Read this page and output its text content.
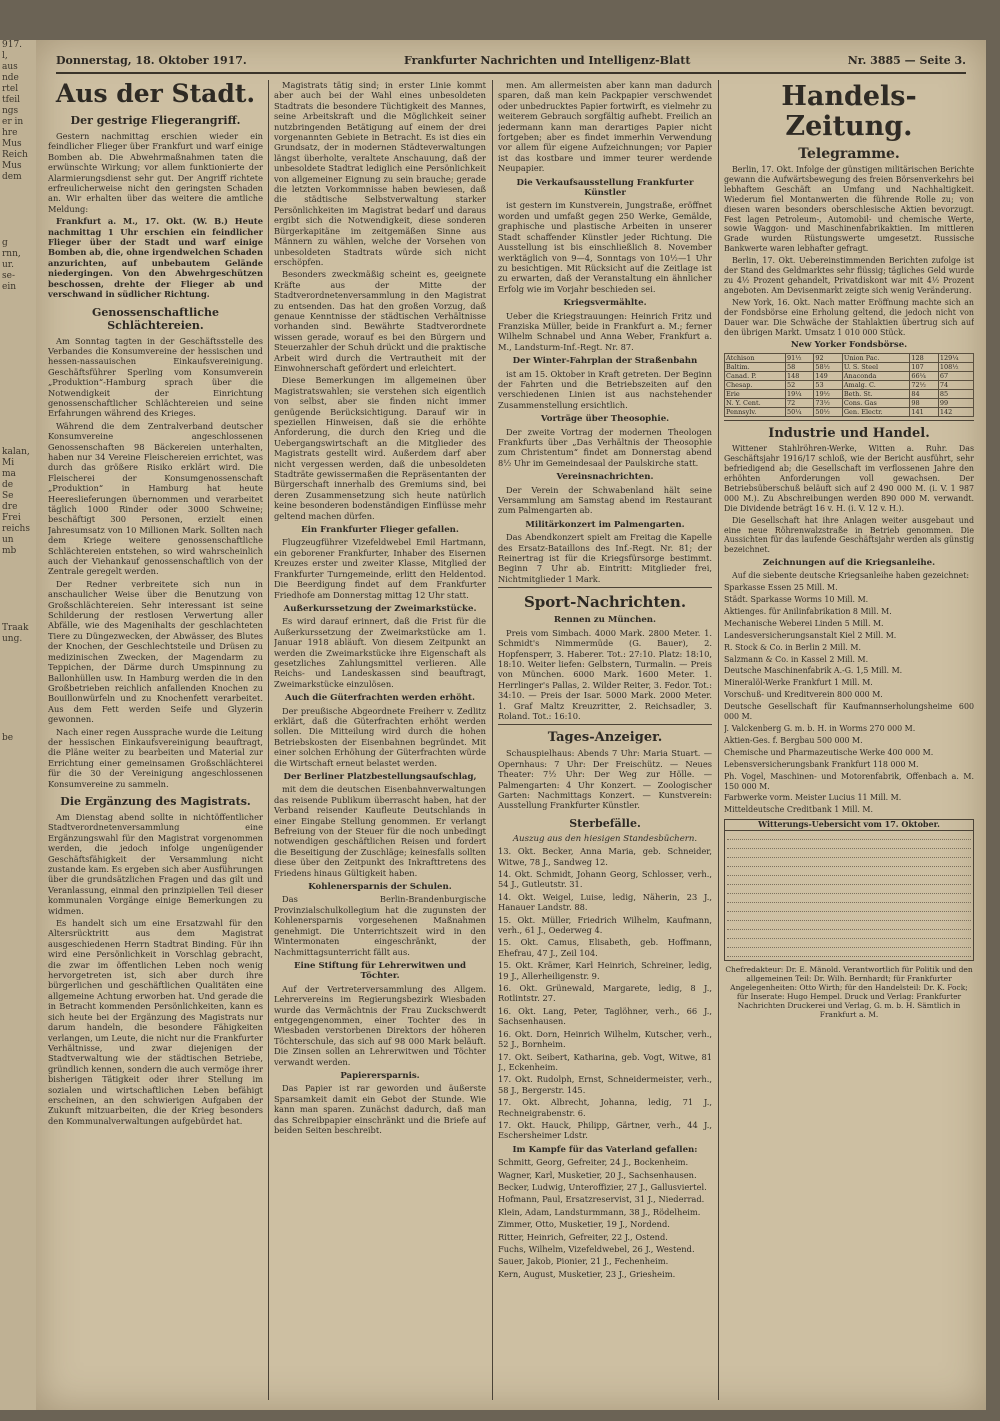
917.
l,
aus
nde
rtel
tfeil
ngs
er in
hre
Mus
Reich
Mus
dem

g
rnn,
ur.
se-
ein

kalan,
Mi
ma
de
Se
dre
Frei
reichs
un
mb

Traak
ung.

be
Donnerstag, 18. Oktober 1917.	Frankfurter Nachrichten und Intelligenz-Blatt	Nr. 3885 — Seite 3.
Aus der Stadt.
Der gestrige Fliegerangriff.

Gestern nachmittag erschien wieder ein feindlicher Flieger über Frankfurt und warf einige Bomben ab. Die Abwehrmaßnahmen taten die erwünschte Wirkung; vor allem funktionierte der Alarmierungsdienst sehr gut. Der Angriff richtete erfreulicherweise nicht den geringsten Schaden an. Wir erhalten über das weitere die amtliche Meldung:

Frankfurt a. M., 17. Okt. (W. B.) Heute nachmittag 1 Uhr erschien ein feindlicher Flieger über der Stadt und warf einige Bomben ab, die, ohne irgendwelchen Schaden anzurichten, auf unbebautem Gelände niedergingen. Von den Abwehrgeschützen beschossen, drehte der Flieger ab und verschwand in südlicher Richtung.

Genossenschaftliche Schlächtereien.

Am Sonntag tagten in der Geschäftsstelle des Verbandes die Konsumvereine der hessischen und hessen-nassauischen Einkaufsvereinigung. Geschäftsführer Sperling vom Konsumverein „Produktion“-Hamburg sprach über die Notwendigkeit der Einrichtung genossenschaftlicher Schlächtereien und seine Erfahrungen während des Krieges.

Während die dem Zentralverband deutscher Konsumvereine angeschlossenen Genossenschaften 98 Bäckereien unterhalten, haben nur 34 Vereine Fleischereien errichtet, was durch das größere Risiko erklärt wird. Die Fleischerei der Konsumgenossenschaft „Produktion“ in Hamburg hat heute Heereslieferungen übernommen und verarbeitet täglich 1000 Rinder oder 3000 Schweine; beschäftigt 300 Personen, erzielt einen Jahresumsatz von 10 Millionen Mark. Sollten nach dem Kriege weitere genossenschaftliche Schlächtereien entstehen, so wird wahrscheinlich auch der Viehankauf genossenschaftlich von der Zentrale geregelt werden.

Der Redner verbreitete sich nun in anschaulicher Weise über die Benutzung von Großschlächtereien. Sehr interessant ist seine Schilderung der restlosen Verwertung aller Abfälle, wie des Magenihalts der geschlachteten Tiere zu Düngezwecken, der Abwässer, des Blutes der Knochen, der Geschlechtsteile und Drüsen zu medizinischen Zwecken, der Magendarm zu Teppichen, der Därme durch Umspinnung zu Ballonhüllen usw. In Hamburg werden die in den Großbetrieben reichlich anfallenden Knochen zu Bouillonwürfeln und zu Knochenfett verarbeitet. Aus dem Fett werden Seife und Glyzerin gewonnen.

Nach einer regen Aussprache wurde die Leitung der hessischen Einkaufsvereinigung beauftragt, die Pläne weiter zu bearbeiten und Material zur Errichtung einer gemeinsamen Großschlächterei für die 30 der Vereinigung angeschlossenen Konsumvereine zu sammeln.

Die Ergänzung des Magistrats.

Am Dienstag abend sollte in nichtöffentlicher Stadtverordnetenversammlung eine Ergänzungswahl für den Magistrat vorgenommen werden, die jedoch infolge ungenügender Geschäftsfähigkeit der Versammlung nicht zustande kam. Es ergeben sich aber Ausführungen über die grundsätzlichen Fragen und das gilt und Veranlassung, einmal den prinzipiellen Teil dieser kommunalen Vorgänge einige Bemerkungen zu widmen.

Es handelt sich um eine Ersatzwahl für den Altersrücktritt aus dem Magistrat ausgeschiedenen Herrn Stadtrat Binding. Für ihn wird eine Persönlichkeit in Vorschlag gebracht, die zwar im öffentlichen Leben noch wenig hervorgetreten ist, sich aber durch ihre bürgerlichen und geschäftlichen Qualitäten eine allgemeine Achtung erworben hat. Und gerade die in Betracht kommenden Persönlichkeiten, kann es sich heute bei der Ergänzung des Magistrats nur darum handeln, die besondere Fähigkeiten verlangen, um Leute, die nicht nur die Frankfurter Verhältnisse, und zwar diejenigen der Stadtverwaltung wie der städtischen Betriebe, gründlich kennen, sondern die auch vermöge ihrer bisherigen Tätigkeit oder ihrer Stellung im sozialen und wirtschaftlichen Leben befähigt erscheinen, an den schwierigen Aufgaben der Zukunft mitzuarbeiten, die der Krieg besonders den Kommunalverwaltungen aufgebürdet hat.

Magistrats tätig sind; in erster Linie kommt aber auch bei der Wahl eines unbesoldeten Stadtrats die besondere Tüchtigkeit des Mannes, seine Arbeitskraft und die Möglichkeit seiner nutzbringenden Betätigung auf einem der drei vorgenannten Gebiete in Betracht. Es ist dies ein Grundsatz, der in modernen Städteverwaltungen längst überholte, veraltete Anschauung, daß der unbesoldete Stadtrat lediglich eine Persönlichkeit von allgemeiner Eignung zu sein brauche; gerade die letzten Vorkommnisse haben bewiesen, daß die städtische Selbstverwaltung starker Persönlichkeiten im Magistrat bedarf und daraus ergibt sich die Notwendigkeit, diese sonderen Bürgerkapitäne im zeitgemäßen Sinne aus Männern zu wählen, welche der Vorsehen von unbesoldeten Stadtrats würde sich nicht erschöpfen.

Besonders zweckmäßig scheint es, geeignete Kräfte aus der Mitte der Stadtverordnetenversammlung in den Magistrat zu entsenden. Das hat den großen Vorzug, daß genaue Kenntnisse der städtischen Verhältnisse vorhanden sind. Bewährte Stadtverordnete wissen gerade, worauf es bei den Bürgern und Steuerzahler der Schuh drückt und die praktische Arbeit wird durch die Vertrautheit mit der Einwohnerschaft gefördert und erleichtert.

Diese Bemerkungen im allgemeinen über Magistratswahlen; sie verstehen sich eigentlich von selbst, aber sie finden nicht immer genügende Berücksichtigung. Darauf wir in speziellen Hinweisen, daß sie die erhöhte Anforderung, die durch den Krieg und die Uebergangswirtschaft an die Mitglieder des Magistrats gestellt wird. Außerdem darf aber nicht vergessen werden, daß die unbesoldeten Stadträte gewissermaßen die Repräsentanten der Bürgerschaft innerhalb des Gremiums sind, bei deren Zusammensetzung sich heute natürlich keine besonderen bodenständigen Einflüsse mehr geltend machen dürfen.

Ein Frankfurter Flieger gefallen.

Flugzeugführer Vizefeldwebel Emil Hartmann, ein geborener Frankfurter, Inhaber des Eisernen Kreuzes erster und zweiter Klasse, Mitglied der Frankfurter Turngemeinde, erlitt den Heldentod. Die Beerdigung findet auf dem Frankfurter Friedhofe am Donnerstag mittag 12 Uhr statt.

Außerkurssetzung der Zweimarkstücke.

Es wird darauf erinnert, daß die Frist für die Außerkurssetzung der Zweimarkstücke am 1. Januar 1918 abläuft. Von diesem Zeitpunkt an werden die Zweimarkstücke ihre Eigenschaft als gesetzliches Zahlungsmittel verlieren. Alle Reichs- und Landeskassen sind beauftragt, Zweimarkstücke einzulösen.

Auch die Güterfrachten werden erhöht.

Der preußische Abgeordnete Freiherr v. Zedlitz erklärt, daß die Güterfrachten erhöht werden sollen. Die Mitteilung wird durch die hohen Betriebskosten der Eisenbahnen begründet. Mit einer solchen Erhöhung der Güterfrachten würde die Wirtschaft erneut belastet werden.

Der Berliner Platzbestellungsaufschlag,

mit dem die deutschen Eisenbahnverwaltungen das reisende Publikum überrascht haben, hat der Verband reisender Kaufleute Deutschlands in einer Eingabe Stellung genommen. Er verlangt Befreiung von der Steuer für die noch unbedingt notwendigen geschäftlichen Reisen und fordert die Beseitigung der Zuschläge; keinesfalls sollten diese über den Zeitpunkt des Inkrafttretens des Friedens hinaus Gültigkeit haben.

Kohlenersparnis der Schulen.

Das Berlin-Brandenburgische Provinzialschulkollegium hat die zugunsten der Kohlenersparnis vorgesehenen Maßnahmen genehmigt. Die Unterrichtszeit wird in den Wintermonaten eingeschränkt, der Nachmittagsunterricht fällt aus.

Eine Stiftung für Lehrerwitwen und Töchter.

Auf der Vertreterversammlung des Allgem. Lehrervereins im Regierungsbezirk Wiesbaden wurde das Vermächtnis der Frau Zuckschwerdt entgegengenommen, einer Tochter des in Wiesbaden verstorbenen Direktors der höheren Töchterschule, das sich auf 98 000 Mark beläuft. Die Zinsen sollen an Lehrerwitwen und Töchter verwandt werden.

Papierersparnis.

Das Papier ist rar geworden und äußerste Sparsamkeit damit ein Gebot der Stunde. Wie kann man sparen. Zunächst dadurch, daß man das Schreibpapier einschränkt und die Briefe auf beiden Seiten beschreibt.

men. Am allermeisten aber kann man dadurch sparen, daß man kein Packpapier verschwendet oder unbedrucktes Papier fortwirft, es vielmehr zu weiterem Gebrauch sorgfältig aufhebt. Freilich an jedermann kann man derartiges Papier nicht fortgeben; aber es findet immerhin Verwendung vor allem für eigene Aufzeichnungen; vor Papier ist das kostbare und immer teurer werdende Neupapier.

Die Verkaufsausstellung Frankfurter Künstler

ist gestern im Kunstverein, Jungstraße, eröffnet worden und umfaßt gegen 250 Werke, Gemälde, graphische und plastische Arbeiten in unserer Stadt schaffender Künstler jeder Richtung. Die Ausstellung ist bis einschließlich 8. November werktäglich von 9—4, Sonntags von 10½—1 Uhr zu besichtigen. Mit Rücksicht auf die Zeitlage ist zu erwarten, daß der Veranstaltung ein ähnlicher Erfolg wie im Vorjahr beschieden sei.

Kriegsvermählte.

Ueber die Kriegstrauungen: Heinrich Fritz und Franziska Müller, beide in Frankfurt a. M.; ferner Wilhelm Schnabel und Anna Weber, Frankfurt a. M., Landsturm-Inf.-Regt. Nr. 87.

Der Winter-Fahrplan der Straßenbahn

ist am 15. Oktober in Kraft getreten. Der Beginn der Fahrten und die Betriebszeiten auf den verschiedenen Linien ist aus nachstehender Zusammenstellung ersichtlich.

Vorträge über Theosophie.

Der zweite Vortrag der modernen Theologen Frankfurts über „Das Verhältnis der Theosophie zum Christentum“ findet am Donnerstag abend 8½ Uhr im Gemeindesaal der Paulskirche statt.

Vereinsnachrichten.

Der Verein der Schwabenland hält seine Versammlung am Samstag abend im Restaurant zum Palmengarten ab.

Militärkonzert im Palmengarten.

Das Abendkonzert spielt am Freitag die Kapelle des Ersatz-Bataillons des Inf.-Regt. Nr. 81; der Reinertrag ist für die Kriegsfürsorge bestimmt. Beginn 7 Uhr ab. Eintritt: Mitglieder frei, Nichtmitglieder 1 Mark.

Sport-Nachrichten.
Rennen zu München.

Preis vom Simbach. 4000 Mark. 2800 Meter. 1. Schmidt's Nimmermüde (G. Bauer), 2. Hopfensperr, 3. Haberer. Tot.: 27:10. Platz: 18:10, 18:10. Weiter liefen: Gelbstern, Turmalin. — Preis von München. 6000 Mark. 1600 Meter. 1. Herrlinger's Pallas, 2. Wilder Reiter, 3. Fedor. Tot.: 34:10. — Preis der Isar. 5000 Mark. 2000 Meter. 1. Graf Maltz Kreuzritter, 2. Reichsadler, 3. Roland. Tot.: 16:10.

Tages-Anzeiger.

Schauspielhaus: Abends 7 Uhr: Maria Stuart. — Opernhaus: 7 Uhr: Der Freischütz. — Neues Theater: 7½ Uhr: Der Weg zur Hölle. — Palmengarten: 4 Uhr Konzert. — Zoologischer Garten: Nachmittags Konzert. — Kunstverein: Ausstellung Frankfurter Künstler.

Sterbefälle.
Auszug aus den hiesigen Standesbüchern.

13. Okt. Becker, Anna Maria, geb. Schneider, Witwe, 78 J., Sandweg 12.

14. Okt. Schmidt, Johann Georg, Schlosser, verh., 54 J., Gutleutstr. 31.

14. Okt. Weigel, Luise, ledig, Näherin, 23 J., Hanauer Landstr. 88.

15. Okt. Müller, Friedrich Wilhelm, Kaufmann, verh., 61 J., Oederweg 4.

15. Okt. Camus, Elisabeth, geb. Hoffmann, Ehefrau, 47 J., Zeil 104.

15. Okt. Krämer, Karl Heinrich, Schreiner, ledig, 19 J., Allerheiligenstr. 9.

16. Okt. Grünewald, Margarete, ledig, 8 J., Rotlintstr. 27.

16. Okt. Lang, Peter, Taglöhner, verh., 66 J., Sachsenhausen.

16. Okt. Dorn, Heinrich Wilhelm, Kutscher, verh., 52 J., Bornheim.

17. Okt. Seibert, Katharina, geb. Vogt, Witwe, 81 J., Eckenheim.

17. Okt. Rudolph, Ernst, Schneidermeister, verh., 58 J., Bergerstr. 145.

17. Okt. Albrecht, Johanna, ledig, 71 J., Rechneigrabenstr. 6.

17. Okt. Hauck, Philipp, Gärtner, verh., 44 J., Eschersheimer Ldstr.

Im Kampfe für das Vaterland gefallen:

Schmitt, Georg, Gefreiter, 24 J., Bockenheim.

Wagner, Karl, Musketier, 20 J., Sachsenhausen.

Becker, Ludwig, Unteroffizier, 27 J., Gallusviertel.

Hofmann, Paul, Ersatzreservist, 31 J., Niederrad.

Klein, Adam, Landsturmmann, 38 J., Rödelheim.

Zimmer, Otto, Musketier, 19 J., Nordend.

Ritter, Heinrich, Gefreiter, 22 J., Ostend.

Fuchs, Wilhelm, Vizefeldwebel, 26 J., Westend.

Sauer, Jakob, Pionier, 21 J., Fechenheim.

Kern, August, Musketier, 23 J., Griesheim.

Handels-Zeitung.
Telegramme.

Berlin, 17. Okt. Infolge der günstigen militärischen Berichte gewann die Aufwärtsbewegung des freien Börsenverkehrs bei lebhaftem Geschäft an Umfang und Nachhaltigkeit. Wiederum fiel Montanwerten die führende Rolle zu; von diesen waren besonders oberschlesische Aktien bevorzugt. Fest lagen Petroleum-, Automobil- und chemische Werte, sowie Waggon- und Maschinenfabrikaktien. Im mittleren Grade wurden Rüstungswerte umgesetzt. Russische Bankwerte waren lebhafter gefragt.

Berlin, 17. Okt. Uebereinstimmenden Berichten zufolge ist der Stand des Geldmarktes sehr flüssig; tägliches Geld wurde zu 4½ Prozent gehandelt, Privatdiskont war mit 4½ Prozent angeboten. Am Devisenmarkt zeigte sich wenig Veränderung.

New York, 16. Okt. Nach matter Eröffnung machte sich an der Fondsbörse eine Erholung geltend, die jedoch nicht von Dauer war. Die Schwäche der Stahlaktien übertrug sich auf den übrigen Markt. Umsatz 1 010 000 Stück.

New Yorker Fondsbörse.
Atchison	91½	92	Union Pac.	128	129¼
Baltim.	58	58½	U. S. Steel	107	108½
Canad. P.	148	149	Anaconda	66¼	67
Chesap.	52	53	Amalg. C.	72½	74
Erie	19¼	19½	Beth. St.	84	85
N. Y. Cent.	72	73½	Cons. Gas	98	99
Pennsylv.	50¼	50½	Gen. Electr.	141	142
Industrie und Handel.

Wittener Stahlröhren-Werke, Witten a. Ruhr. Das Geschäftsjahr 1916/17 schloß, wie der Bericht ausführt, sehr befriedigend ab; die Gesellschaft im verflossenen Jahre den erhöhten Anforderungen voll gewachsen. Der Betriebsüberschuß beläuft sich auf 2 490 000 M. (i. V. 1 987 000 M.). Zu Abschreibungen werden 890 000 M. verwandt. Die Dividende beträgt 16 v. H. (i. V. 12 v. H.).

Die Gesellschaft hat ihre Anlagen weiter ausgebaut und eine neue Röhrenwalzstraße in Betrieb genommen. Die Aussichten für das laufende Geschäftsjahr werden als günstig bezeichnet.

Zeichnungen auf die Kriegsanleihe.

Auf die siebente deutsche Kriegsanleihe haben gezeichnet:

Sparkasse Essen 25 Mill. M.

Städt. Sparkasse Worms 10 Mill. M.

Aktienges. für Anilinfabrikation 8 Mill. M.

Mechanische Weberei Linden 5 Mill. M.

Landesversicherungsanstalt Kiel 2 Mill. M.

R. Stock & Co. in Berlin 2 Mill. M.

Salzmann & Co. in Kassel 2 Mill. M.

Deutsche Maschinenfabrik A.-G. 1,5 Mill. M.

Mineralöl-Werke Frankfurt 1 Mill. M.

Vorschuß- und Kreditverein 800 000 M.

Deutsche Gesellschaft für Kaufmannserholungsheime 600 000 M.

J. Valckenberg G. m. b. H. in Worms 270 000 M.

Aktien-Ges. f. Bergbau 500 000 M.

Chemische und Pharmazeutische Werke 400 000 M.

Lebensversicherungsbank Frankfurt 118 000 M.

Ph. Vogel, Maschinen- und Motorenfabrik, Offenbach a. M. 150 000 M.

Farbwerke vorm. Meister Lucius 11 Mill. M.

Mitteldeutsche Creditbank 1 Mill. M.

Witterungs-Uebersicht vom 17. Oktober.
Chefredakteur: Dr. E. Mänold. Verantwortlich für Politik und den allgemeinen Teil: Dr. Wilh. Bernhardt; für Frankfurter Angelegenheiten: Otto Wirth; für den Handelsteil: Dr. K. Fock; für Inserate: Hugo Hempel. Druck und Verlag: Frankfurter Nachrichten Druckerei und Verlag, G. m. b. H. Sämtlich in Frankfurt a. M.
